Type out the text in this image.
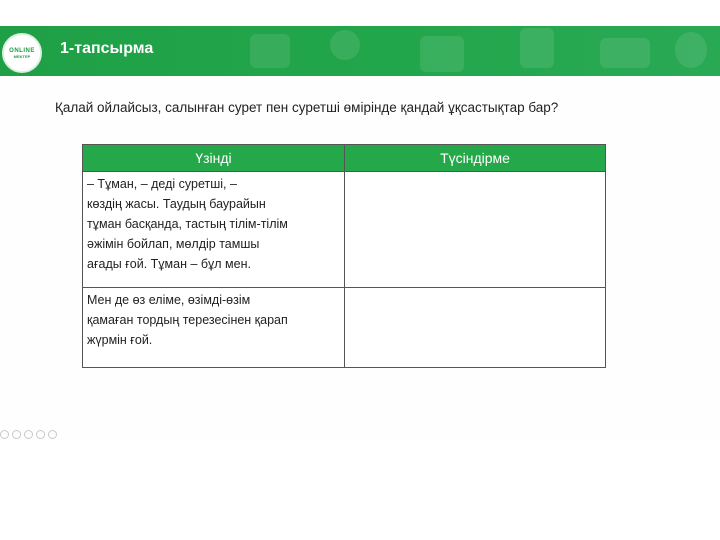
ONLINE
MEKTEP 1-тапсырма
Қалай ойлайсыз, салынған сурет пен суретші өмірінде қандай ұқсастықтар бар?
Үзінді	Түсіндірме
– Тұман, – деді суретші, –
көздің жасы. Таудың баурайын
тұман басқанда, тастың тілім-тілім
әжімін бойлап, мөлдір тамшы
ағады ғой. Тұман – бұл мен.	
Мен де өз еліме, өзімді-өзім
қамаған тордың терезесінен қарап
жүрмін ғой.	
